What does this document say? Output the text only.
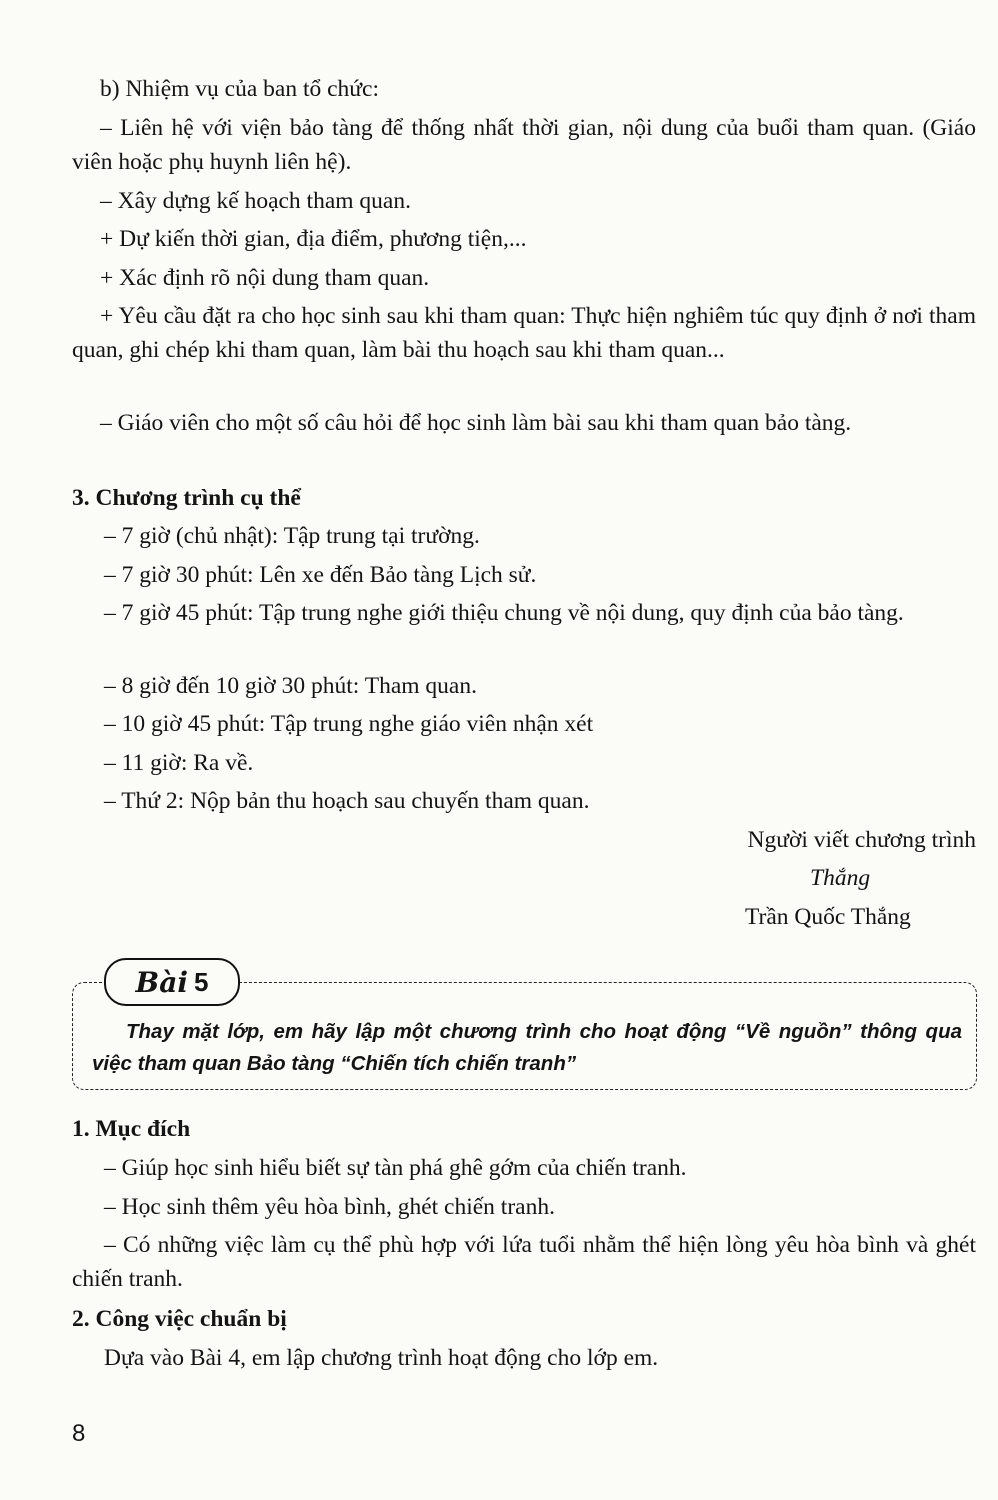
b) Nhiệm vụ của ban tổ chức:
– Liên hệ với viện bảo tàng để thống nhất thời gian, nội dung của buổi tham quan. (Giáo viên hoặc phụ huynh liên hệ).
– Xây dựng kế hoạch tham quan.
+ Dự kiến thời gian, địa điểm, phương tiện,...
+ Xác định rõ nội dung tham quan.
+ Yêu cầu đặt ra cho học sinh sau khi tham quan: Thực hiện nghiêm túc quy định ở nơi tham quan, ghi chép khi tham quan, làm bài thu hoạch sau khi tham quan...
– Giáo viên cho một số câu hỏi để học sinh làm bài sau khi tham quan bảo tàng.
3. Chương trình cụ thể
– 7 giờ (chủ nhật): Tập trung tại trường.
– 7 giờ 30 phút: Lên xe đến Bảo tàng Lịch sử.
– 7 giờ 45 phút: Tập trung nghe giới thiệu chung về nội dung, quy định của bảo tàng.
– 8 giờ đến 10 giờ 30 phút: Tham quan.
– 10 giờ 45 phút: Tập trung nghe giáo viên nhận xét
– 11 giờ: Ra về.
– Thứ 2: Nộp bản thu hoạch sau chuyến tham quan.
Người viết chương trình
Thắng
Trần Quốc Thắng
Bài 5
Thay mặt lớp, em hãy lập một chương trình cho hoạt động “Về nguồn” thông qua việc tham quan Bảo tàng “Chiến tích chiến tranh”
1. Mục đích
– Giúp học sinh hiểu biết sự tàn phá ghê gớm của chiến tranh.
– Học sinh thêm yêu hòa bình, ghét chiến tranh.
– Có những việc làm cụ thể phù hợp với lứa tuổi nhằm thể hiện lòng yêu hòa bình và ghét chiến tranh.
2. Công việc chuẩn bị
Dựa vào Bài 4, em lập chương trình hoạt động cho lớp em.
8
